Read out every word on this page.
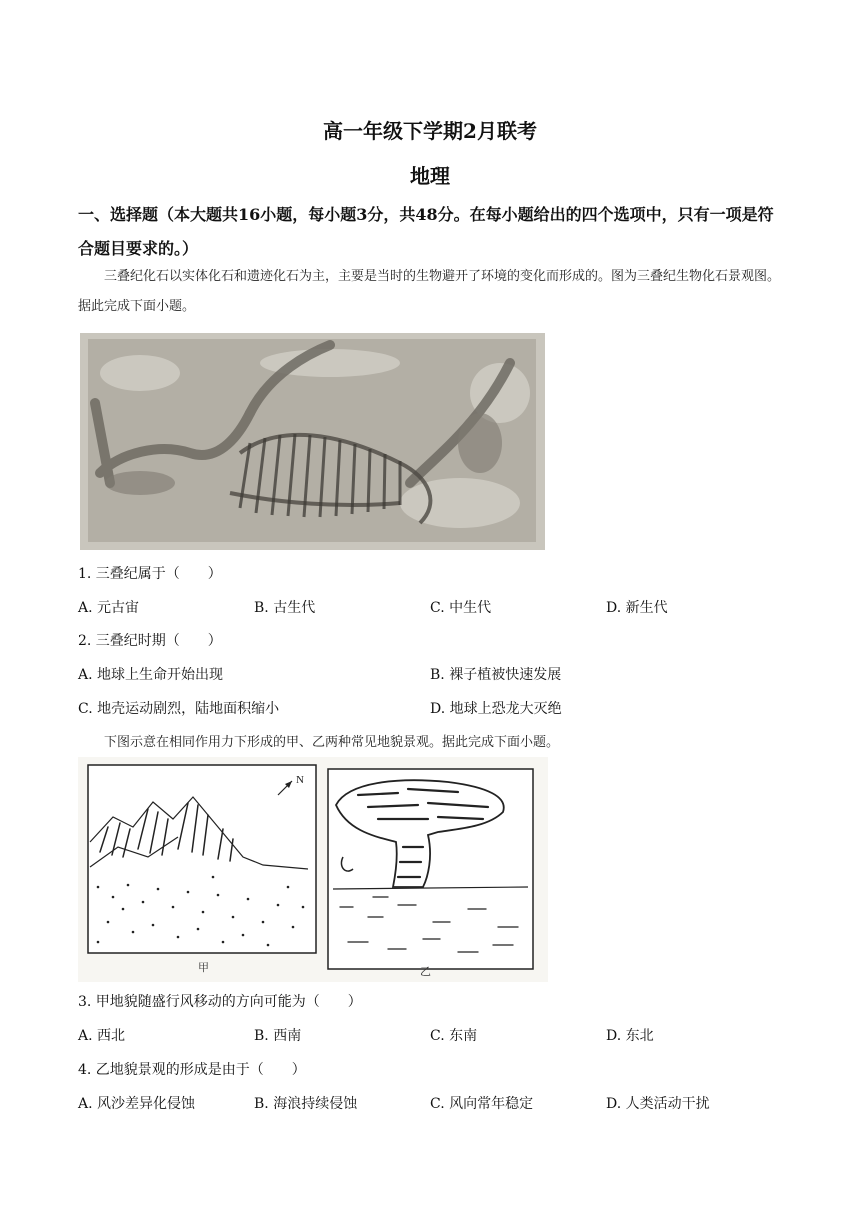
高一年级下学期2月联考
地理
一、选择题（本大题共16小题，每小题3分，共48分。在每小题给出的四个选项中，只有一项是符合题目要求的。）
三叠纪化石以实体化石和遗迹化石为主，主要是当时的生物避开了环境的变化而形成的。图为三叠纪生物化石景观图。据此完成下面小题。
1. 三叠纪属于（　　）
A. 元古宙	B. 古生代	C. 中生代	D. 新生代
2. 三叠纪时期（　　）
A. 地球上生命开始出现	B. 裸子植被快速发展
C. 地壳运动剧烈，陆地面积缩小	D. 地球上恐龙大灭绝
下图示意在相同作用力下形成的甲、乙两种常见地貌景观。据此完成下面小题。
N
甲	乙
3. 甲地貌随盛行风移动的方向可能为（　　）
A. 西北	B. 西南	C. 东南	D. 东北
4. 乙地貌景观的形成是由于（　　）
A. 风沙差异化侵蚀	B. 海浪持续侵蚀	C. 风向常年稳定	D. 人类活动干扰
